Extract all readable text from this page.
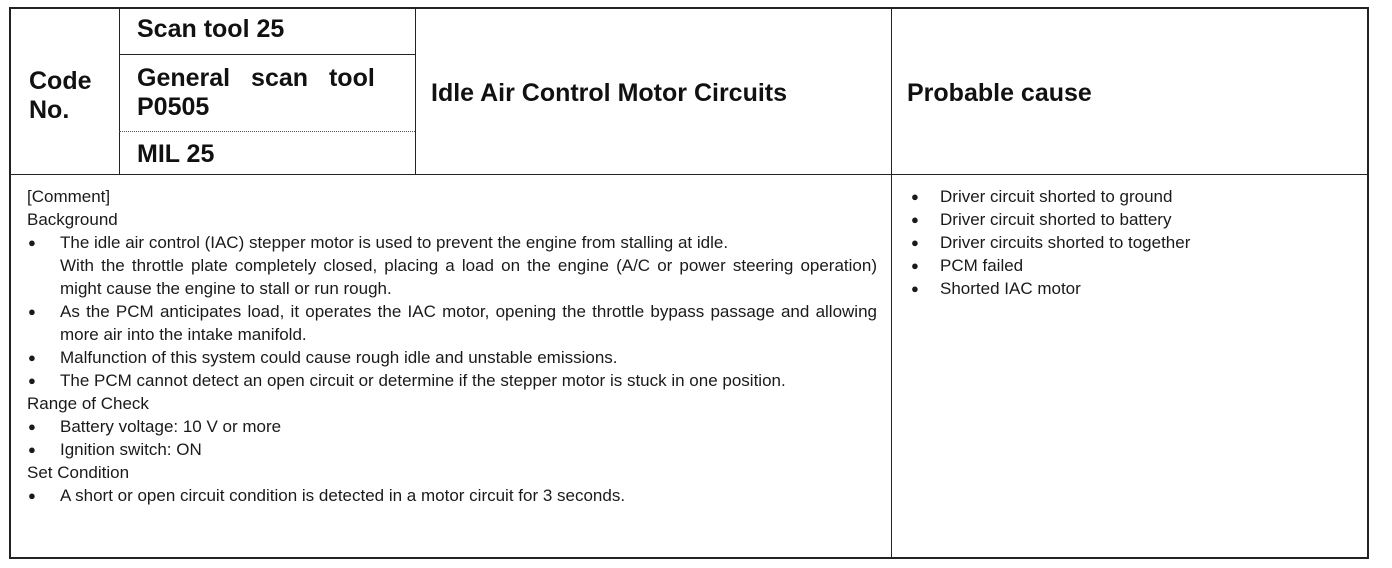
Code No.
Scan tool 25
General scan tool
P0505
MIL 25
Idle Air Control Motor Circuits	Probable cause
[Comment]
Background
● The idle air control (IAC) stepper motor is used to prevent the engine from stalling at idle.
With the throttle plate completely closed, placing a load on the engine (A/C or power steering operation) might cause the engine to stall or run rough.
● As the PCM anticipates load, it operates the IAC motor, opening the throttle bypass passage and allowing more air into the intake manifold.
● Malfunction of this system could cause rough idle and unstable emissions.
● The PCM cannot detect an open circuit or determine if the stepper motor is stuck in one position.
Range of Check
● Battery voltage: 10 V or more
● Ignition switch: ON
Set Condition
● A short or open circuit condition is detected in a motor circuit for 3 seconds.
● Driver circuit shorted to ground
● Driver circuit shorted to battery
● Driver circuits shorted to together
● PCM failed
● Shorted IAC motor
